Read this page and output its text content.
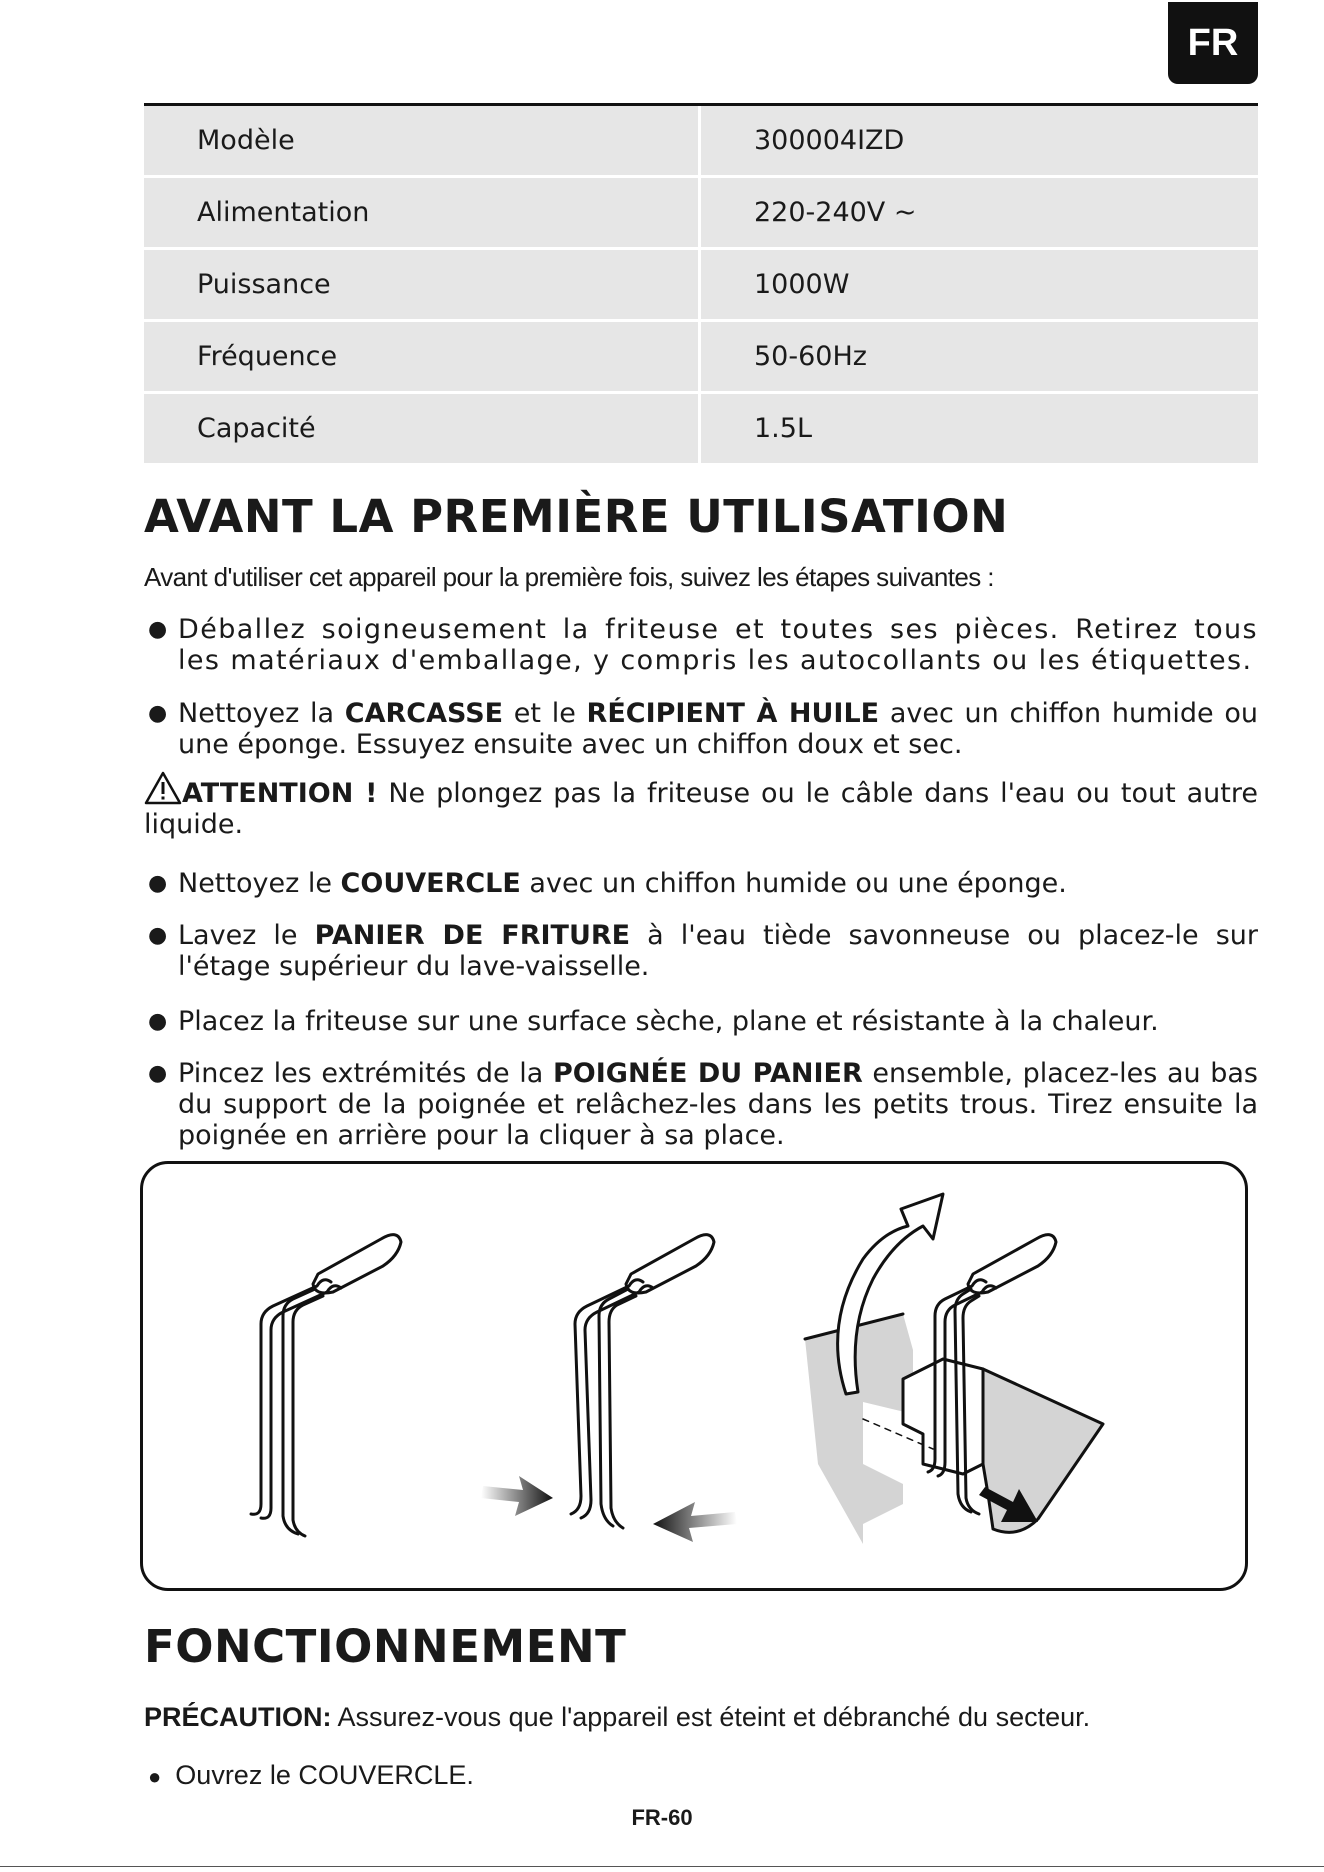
FR
Modèle	300004IZD
Alimentation	220-240V ~
Puissance	1000W
Fréquence	50-60Hz
Capacité	1.5L
AVANT LA PREMIÈRE UTILISATION
Avant d'utiliser cet appareil pour la première fois, suivez les étapes suivantes :
● Déballez soigneusement la friteuse et toutes ses pièces. Retirez tous les matériaux d'emballage, y compris les autocollants ou les étiquettes.
● Nettoyez la CARCASSE et le RÉCIPIENT À HUILE avec un chiffon humide ou une éponge. Essuyez ensuite avec un chiffon doux et sec.
ATTENTION ! Ne plongez pas la friteuse ou le câble dans l'eau ou tout autre liquide.
● Nettoyez le COUVERCLE avec un chiffon humide ou une éponge.
● Lavez le PANIER DE FRITURE à l'eau tiède savonneuse ou placez-le sur l'étage supérieur du lave-vaisselle.
● Placez la friteuse sur une surface sèche, plane et résistante à la chaleur.
● Pincez les extrémités de la POIGNÉE DU PANIER ensemble, placez-les au bas du support de la poignée et relâchez-les dans les petits trous. Tirez ensuite la poignée en arrière pour la cliquer à sa place.
FONCTIONNEMENT
PRÉCAUTION: Assurez-vous que l'appareil est éteint et débranché du secteur.
● Ouvrez le COUVERCLE.
FR-60
